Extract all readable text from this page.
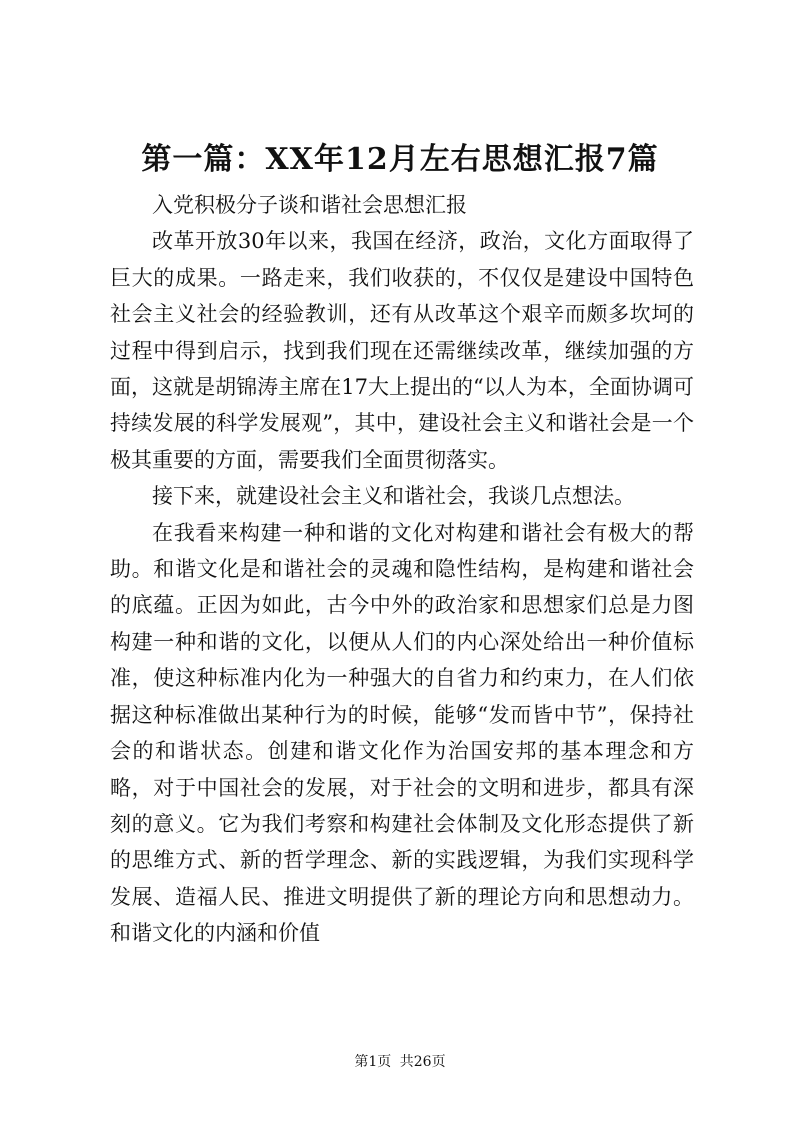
第一篇：XX年12月左右思想汇报7篇

入党积极分子谈和谐社会思想汇报

改革开放30年以来，我国在经济，政治，文化方面取得了巨大的成果。一路走来，我们收获的，不仅仅是建设中国特色社会主义社会的经验教训，还有从改革这个艰辛而颇多坎坷的过程中得到启示，找到我们现在还需继续改革，继续加强的方面，这就是胡锦涛主席在17大上提出的“以人为本，全面协调可持续发展的科学发展观”，其中，建设社会主义和谐社会是一个极其重要的方面，需要我们全面贯彻落实。

接下来，就建设社会主义和谐社会，我谈几点想法。

在我看来构建一种和谐的文化对构建和谐社会有极大的帮助。和谐文化是和谐社会的灵魂和隐性结构，是构建和谐社会的底蕴。正因为如此，古今中外的政治家和思想家们总是力图构建一种和谐的文化，以便从人们的内心深处给出一种价值标准，使这种标准内化为一种强大的自省力和约束力，在人们依据这种标准做出某种行为的时候，能够“发而皆中节”，保持社会的和谐状态。创建和谐文化作为治国安邦的基本理念和方略，对于中国社会的发展，对于社会的文明和进步，都具有深刻的意义。它为我们考察和构建社会体制及文化形态提供了新的思维方式、新的哲学理念、新的实践逻辑，为我们实现科学发展、造福人民、推进文明提供了新的理论方向和思想动力。和谐文化的内涵和价值

第1页 共26页
